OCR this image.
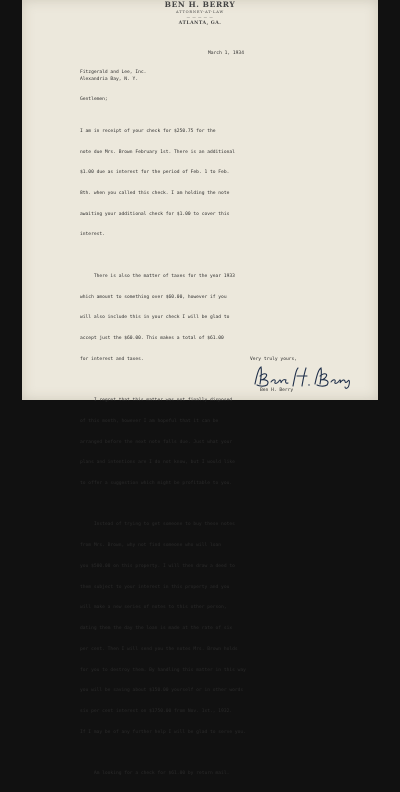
BEN H. BERRY
ATTORNEY-AT-LAW
— — — — —
ATLANTA, GA.
March 1, 1934
Fitzgerald and Lee, Inc.
Alexandria Bay, N. Y.
Gentlemen;

I am in receipt of your check for $250.75 for the

note due Mrs. Brown February 1st. There is an additional

$1.00 due as interest for the period of Feb. 1 to Feb.

8th. when you called this check. I am holding the note

awaiting your additional check for $1.00 to cover this

interest.

There is also the matter of taxes for the year 1933

which amount to something over $60.00, however if you

will also include this in your check I will be glad to

accept just the $60.00. This makes a total of $61.00

for interest and taxes.

I regret that this matter was not finally disposed

of this month, however I am hopeful that it can be

arranged before the next note falls due. Just what your

plans and intentions are I do not know, but I would like

to offer a suggestion which might be profitable to you.

Instead of trying to get someone to buy these notes

from Mrs. Brown, why not find someone who will loan

you $500.00 on this property. I will then draw a deed to

them subject to your interest in this property and you

will make a new series of notes to this other person,

dating them the day the loan is made at the rate of six

per cent. Then I will send you the notes Mrs. Brown holds

for you to destroy them. By handling this matter in this way

you will be saving about $150.00 yourself or in other words

six per cent interest on $1750.00 from Nov. 1st., 1932.

If I may be of any further help I will be glad to serve you.

Am looking for a check for $61.00 by return mail.

Very truly yours,
Ben H. Berry
